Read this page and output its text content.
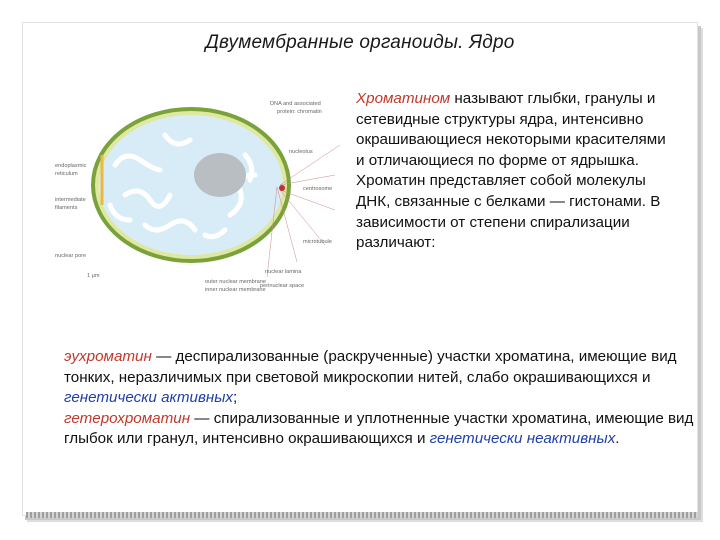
Двумембранные органоиды. Ядро
DNA and associated
protein: chromatin
nucleolus
endoplasmic
reticulum
intermediate
filaments
centrosome
microtubule
nuclear pore
nuclear lamina
outer nuclear membrane
inner nuclear membrane
perinuclear space
1 μm
Хроматином называют глыбки, гранулы и сетевидные структуры ядра, интенсивно окрашивающиеся некоторыми красителями и отличающиеся по форме от ядрышка. Хроматин представляет собой молекулы ДНК, связанные с белками — гистонами. В зависимости от степени спирализации различают:
эухроматин — деспирализованные (раскрученные) участки хроматина, имеющие вид тонких, неразличимых при световой микроскопии нитей, слабо окрашивающихся и генетически активных;
гетерохроматин — спирализованные и уплотненные участки хроматина, имеющие вид глыбок или гранул, интенсивно окрашивающихся и генетически неактивных.
